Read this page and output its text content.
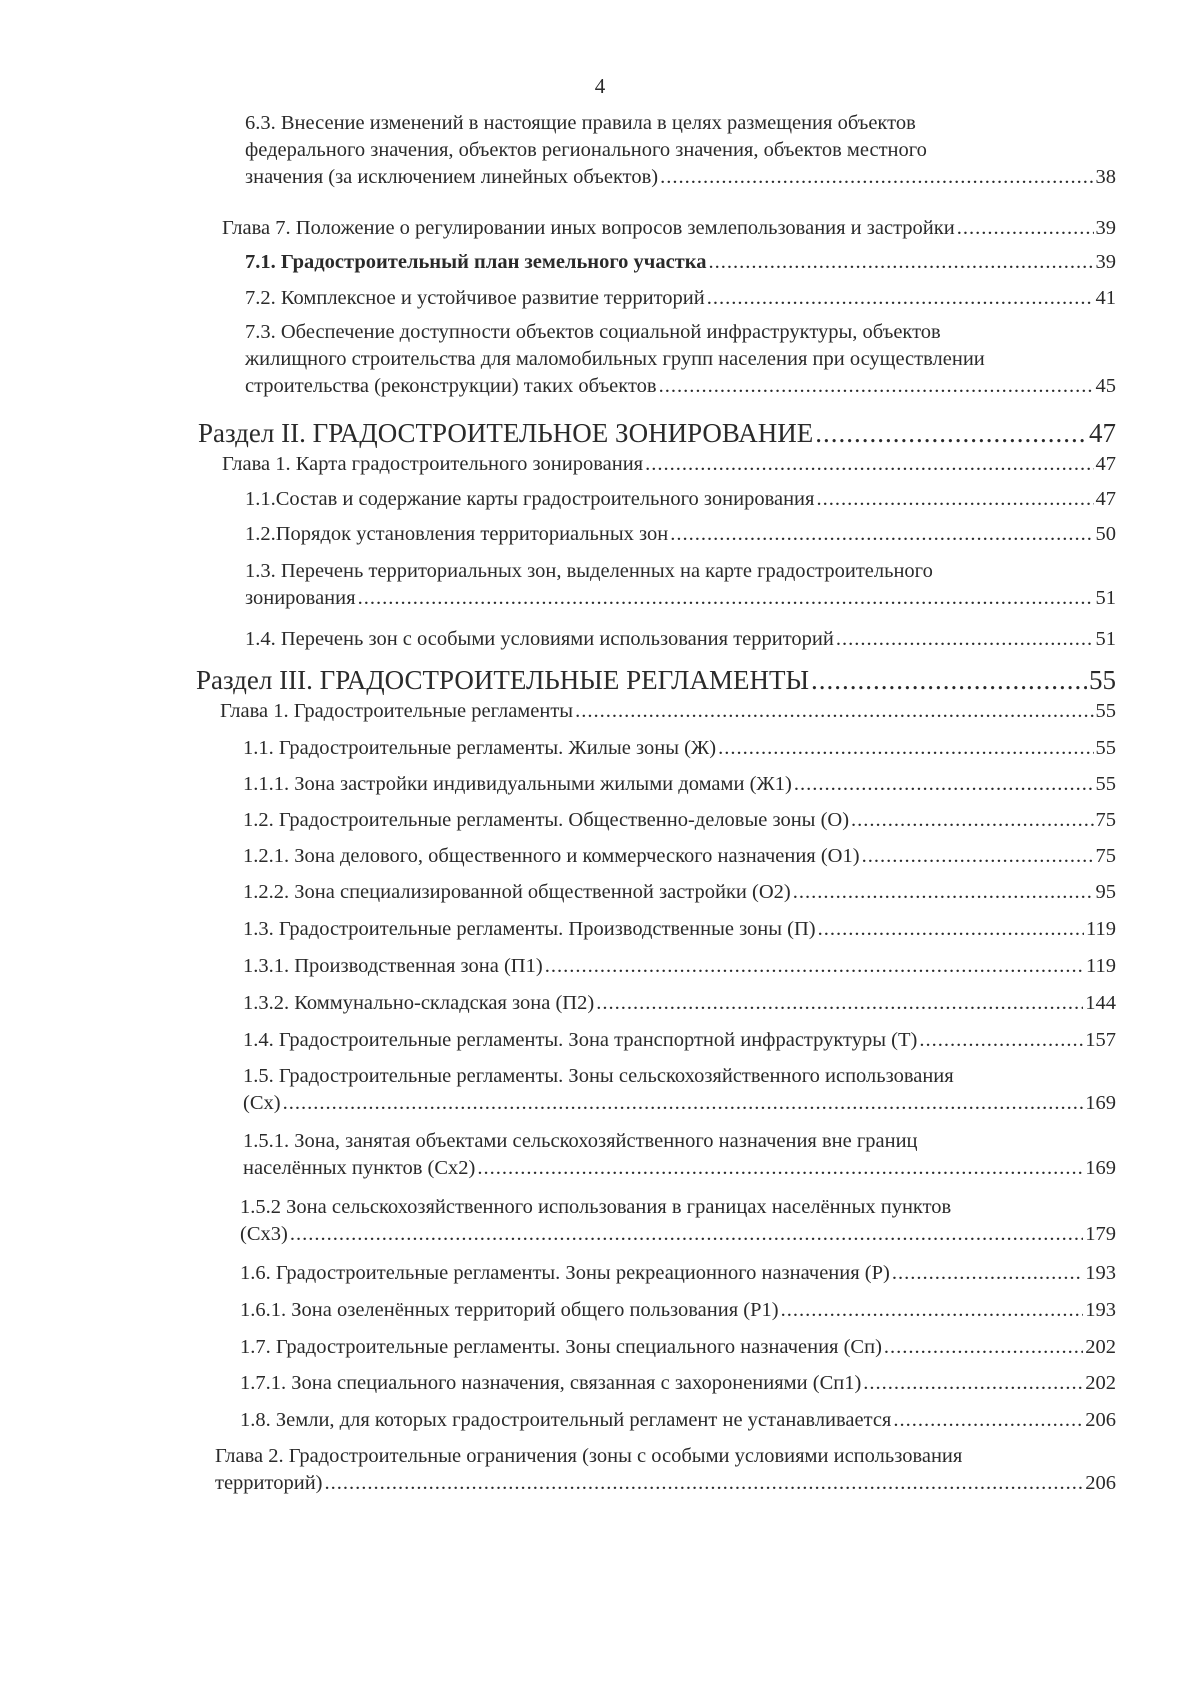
4
6.3. Внесение изменений в настоящие правила в целях размещения объектов
федерального значения, объектов регионального значения, объектов местного
значения (за исключением линейных объектов) .....	38
Глава 7. Положение о регулировании иных вопросов землепользования и застройки .....	39
7.1. Градостроительный план земельного участка .....	39
7.2. Комплексное и устойчивое развитие территорий .....	41
7.3. Обеспечение доступности объектов социальной инфраструктуры, объектов
жилищного строительства для маломобильных групп населения при осуществлении
строительства (реконструкции) таких объектов .....	45
Раздел II. ГРАДОСТРОИТЕЛЬНОЕ ЗОНИРОВАНИЕ .....	47
Глава 1. Карта градостроительного зонирования .....	47
1.1. Состав и содержание карты градостроительного зонирования .....	47
1.2. Порядок установления территориальных зон .....	50
1.3. Перечень территориальных зон, выделенных на карте градостроительного
зонирования .....	51
1.4. Перечень зон с особыми условиями использования территорий .....	51
Раздел III. ГРАДОСТРОИТЕЛЬНЫЕ РЕГЛАМЕНТЫ .....	55
Глава 1. Градостроительные регламенты .....	55
1.1. Градостроительные регламенты. Жилые зоны (Ж) .....	55
1.1.1. Зона застройки индивидуальными жилыми домами (Ж1) .....	55
1.2. Градостроительные регламенты. Общественно-деловые зоны (О) .....	75
1.2.1. Зона делового, общественного и коммерческого назначения (О1) .....	75
1.2.2. Зона специализированной общественной застройки (О2) .....	95
1.3. Градостроительные регламенты. Производственные зоны (П) .....	119
1.3.1. Производственная зона (П1) .....	119
1.3.2. Коммунально-складская зона (П2) .....	144
1.4. Градостроительные регламенты. Зона транспортной инфраструктуры (Т) .....	157
1.5. Градостроительные регламенты. Зоны сельскохозяйственного использования
(Сх) .....	169
1.5.1. Зона, занятая объектами сельскохозяйственного назначения вне границ
населённых пунктов (Сх2) .....	169
1.5.2 Зона сельскохозяйственного использования в границах населённых пунктов
(Сх3) .....	179
1.6. Градостроительные регламенты. Зоны рекреационного назначения (Р) .....	193
1.6.1. Зона озеленённых территорий общего пользования (Р1) .....	193
1.7. Градостроительные регламенты. Зоны специального назначения (Сп) .....	202
1.7.1. Зона специального назначения, связанная с захоронениями (Сп1) .....	202
1.8. Земли, для которых градостроительный регламент не устанавливается .....	206
Глава 2. Градостроительные ограничения (зоны с особыми условиями использования
территорий) .....	206
